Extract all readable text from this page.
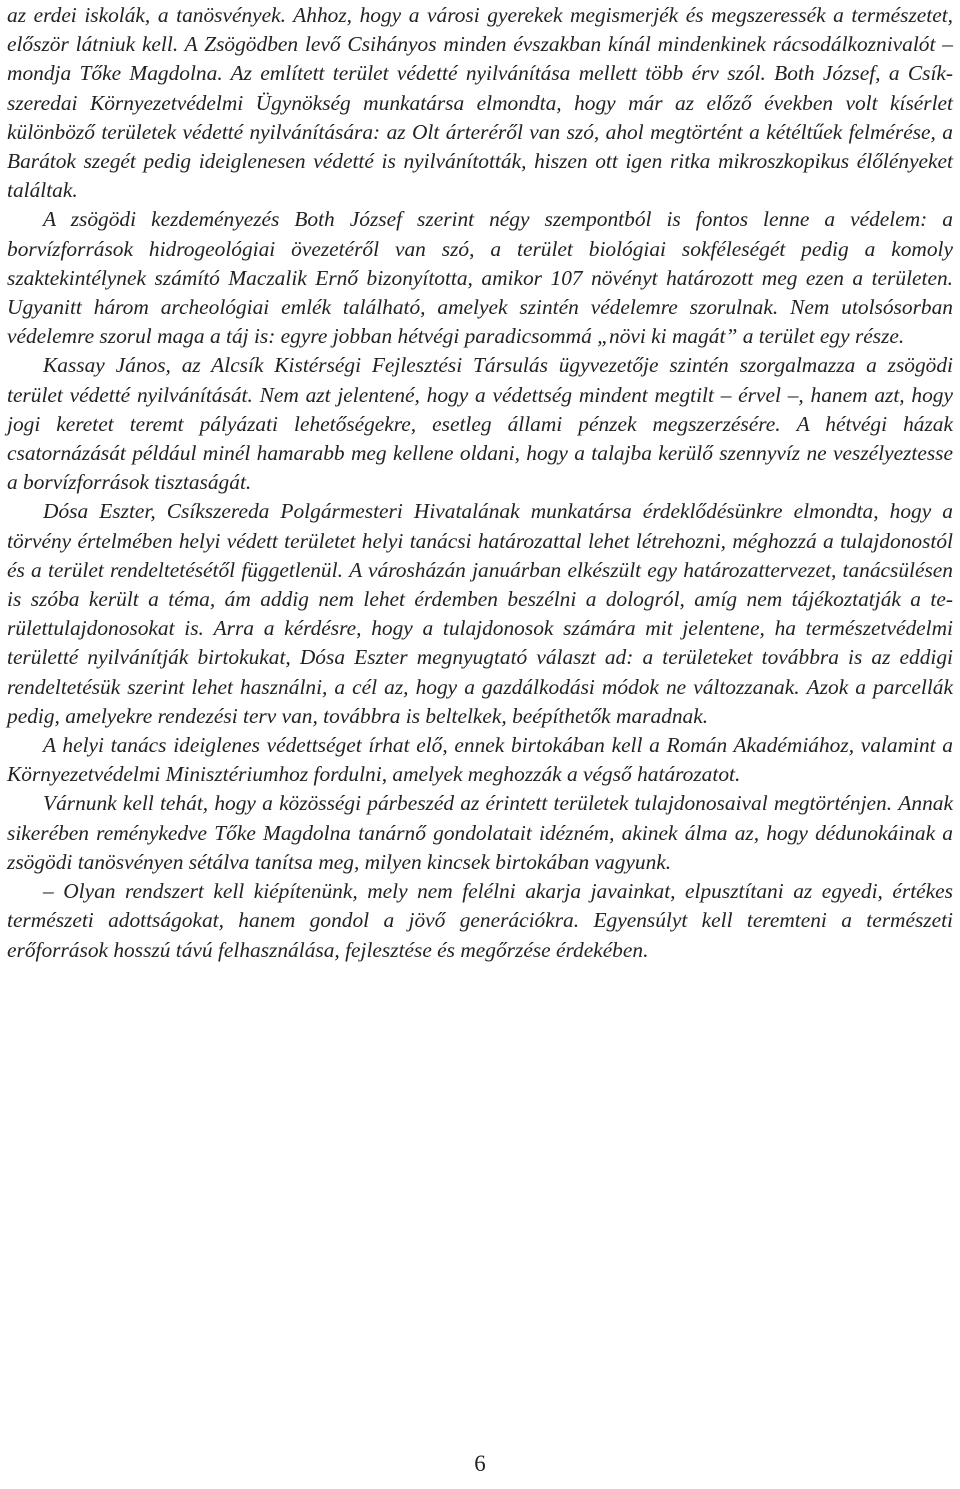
az erdei iskolák, a tanösvények. Ahhoz, hogy a városi gyerekek megismerjék és megszeressék a természetet, először látniuk kell. A Zsögödben levő Csihányos minden évszakban kínál mindenkinek rácsodálkoznivalót – mondja Tőke Magdolna. Az említett terület védetté nyilvánítása mellett több érv szól. Both József, a Csíkszeredai Környezetvédelmi Ügynökség munkatársa elmondta, hogy már az előző években volt kísérlet különböző területek védetté nyilvánítására: az Olt árteréről van szó, ahol megtörtént a kétéltűek felmérése, a Barátok szegét pedig ideiglenesen védetté is nyilvánították, hiszen ott igen ritka mikroszkopikus élőlényeket találtak.
A zsögödi kezdeményezés Both József szerint négy szempontból is fontos lenne a védelem: a borvízforrások hidrogeológiai övezetéről van szó, a terület biológiai sokféleségét pedig a komoly szaktekintélynek számító Maczalik Ernő bizonyította, amikor 107 növényt határozott meg ezen a területen. Ugyanitt három archeológiai emlék található, amelyek szintén védelemre szorulnak. Nem utolsósorban védelemre szorul maga a táj is: egyre jobban hétvégi paradicsommá „növi ki magát” a terület egy része.
Kassay János, az Alcsík Kistérségi Fejlesztési Társulás ügyvezetője szintén szorgalmazza a zsögödi terület védetté nyilvánítását. Nem azt jelentené, hogy a védettség mindent megtilt – érvel –, hanem azt, hogy jogi keretet teremt pályázati lehetőségekre, esetleg állami pénzek megszerzésére. A hétvégi házak csatornázását például minél hamarabb meg kellene oldani, hogy a talajba kerülő szennyvíz ne veszélyeztesse a borvízforrások tisztaságát.
Dósa Eszter, Csíkszereda Polgármesteri Hivatalának munkatársa érdeklődésünkre elmondta, hogy a törvény értelmében helyi védett területet helyi tanácsi határozattal lehet létrehozni, méghozzá a tulajdonostól és a terület rendeltetésétől függetlenül. A városházán januárban elkészült egy határozattervezet, tanácsülésen is szóba került a téma, ám addig nem lehet érdemben beszélni a dologról, amíg nem tájékoztatják a területtulajdonosokat is. Arra a kérdésre, hogy a tulajdonosok számára mit jelentene, ha természetvédelmi területté nyilvánítják birtokukat, Dósa Eszter megnyugtató választ ad: a területeket továbbra is az eddigi rendeltetésük szerint lehet használni, a cél az, hogy a gazdálkodási módok ne változzanak. Azok a parcellák pedig, amelyekre rendezési terv van, továbbra is beltelkek, beépíthetők maradnak.
A helyi tanács ideiglenes védettséget írhat elő, ennek birtokában kell a Román Akadémiához, valamint a Környezetvédelmi Minisztériumhoz fordulni, amelyek meghozzák a végső határozatot.
Várnunk kell tehát, hogy a közösségi párbeszéd az érintett területek tulajdonosaival megtörténjen. Annak sikerében reménykedve Tőke Magdolna tanárnő gondolatait idézném, akinek álma az, hogy dédunokáinak a zsögödi tanösvényen sétálva tanítsa meg, milyen kincsek birtokában vagyunk.
– Olyan rendszert kell kiépítenünk, mely nem felélni akarja javainkat, elpusztítani az egyedi, értékes természeti adottságokat, hanem gondol a jövő generációkra. Egyensúlyt kell teremteni a természeti erőforrások hosszú távú felhasználása, fejlesztése és megőrzése érdekében.
6
